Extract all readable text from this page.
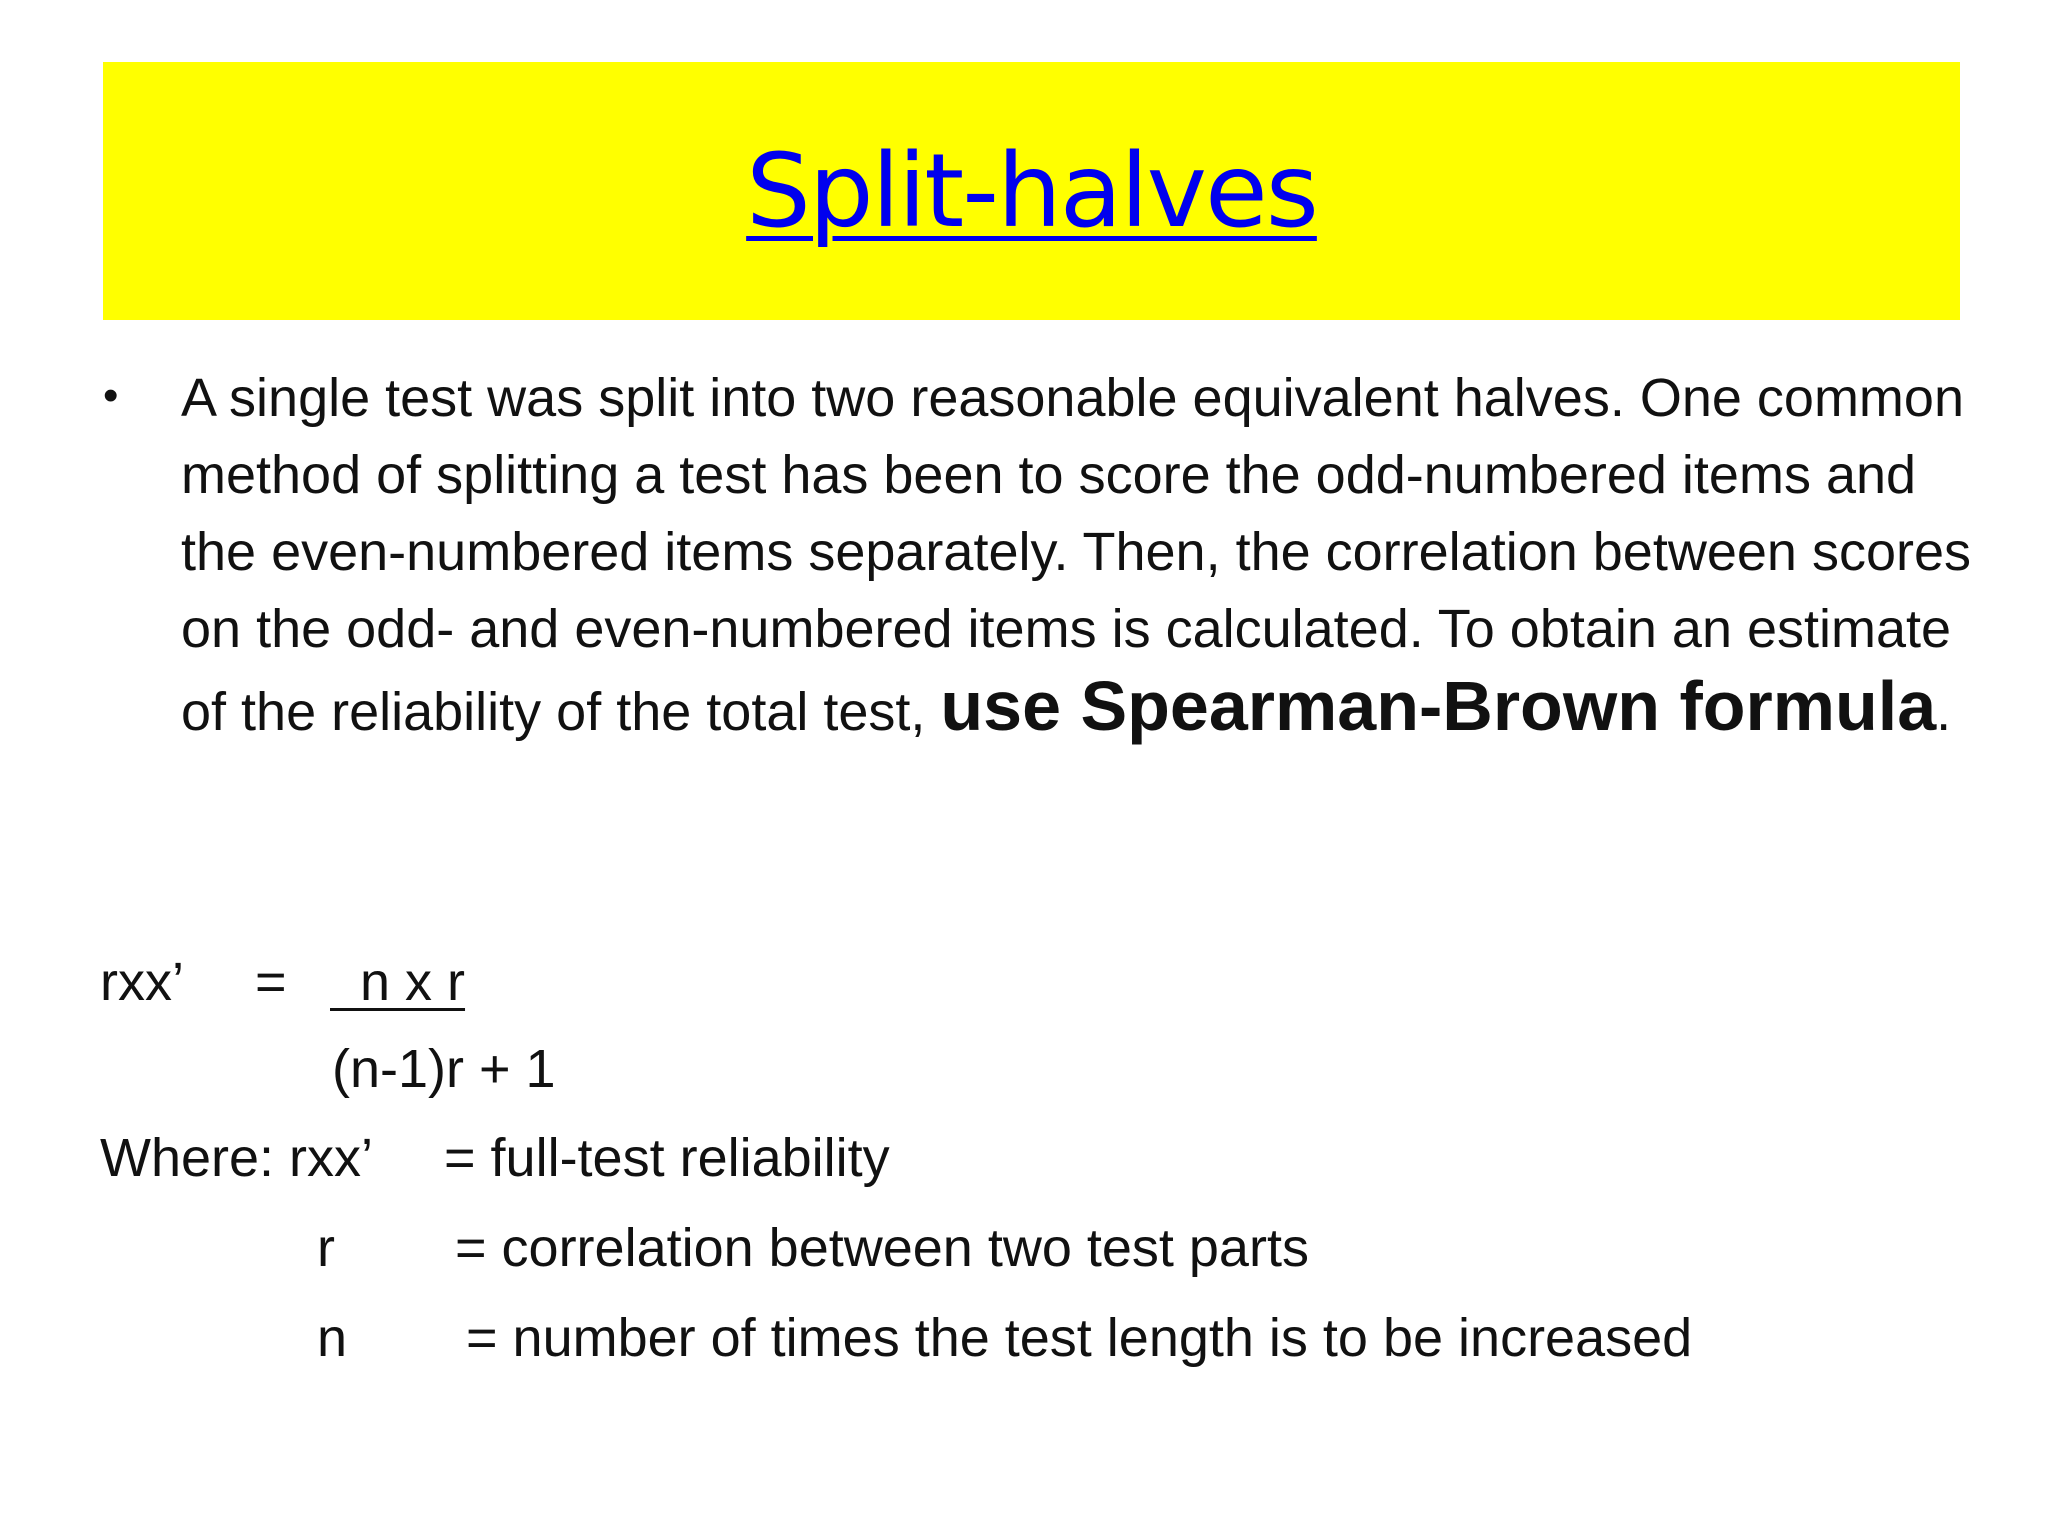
Split-halves
• A single test was split into two reasonable equivalent halves. One common method of splitting a test has been to score the odd-numbered items and the even-numbered items separately. Then, the correlation between scores on the odd- and even-numbered items is calculated. To obtain an estimate of the reliability of the total test, use Spearman-Brown formula.
rxx’ = n x r
(n-1)r + 1
Where: rxx’ = full-test reliability
r = correlation between two test parts
n = number of times the test length is to be increased
